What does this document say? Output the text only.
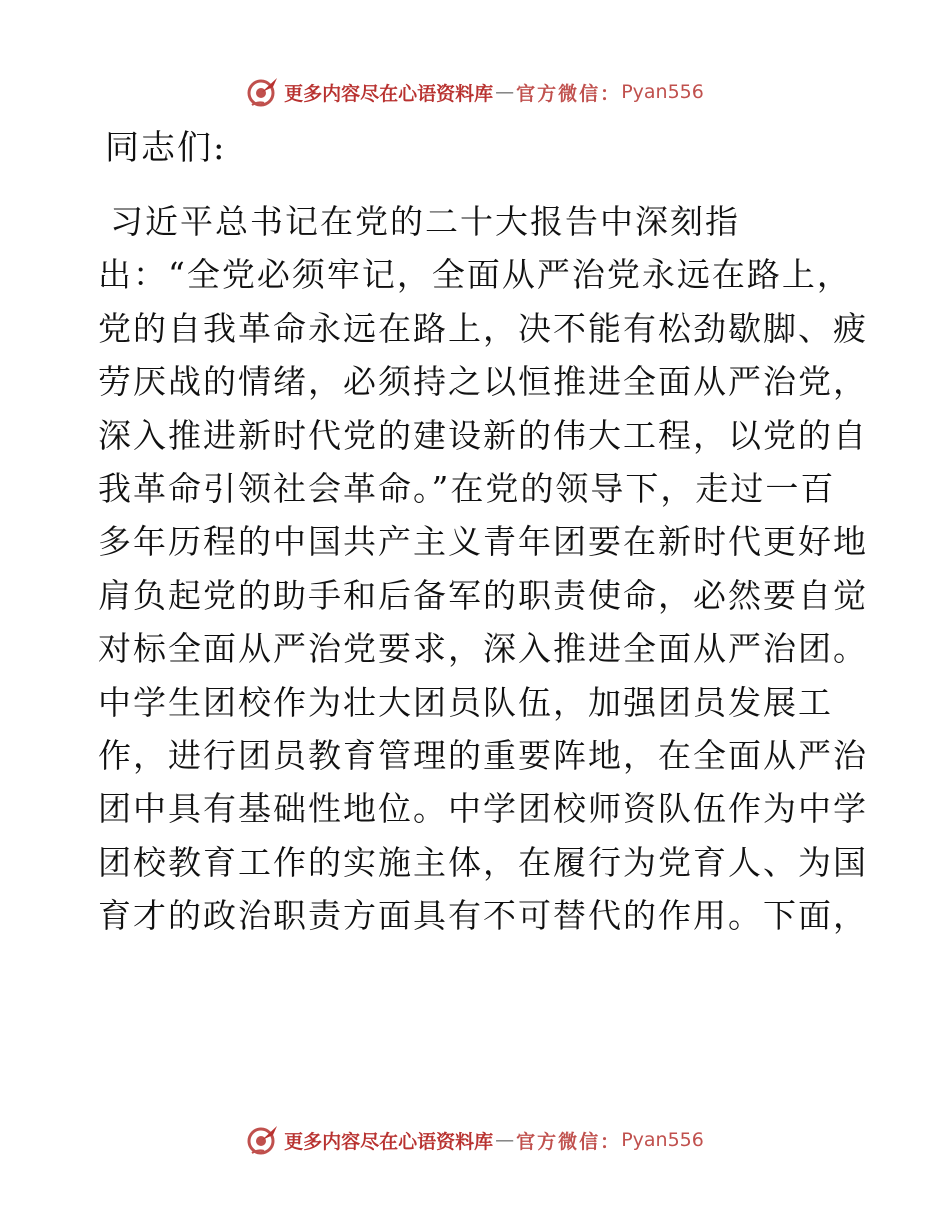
更多内容尽在心语资料库 — 官方微信： Pyan556
同志们:
习近平总书记在党的二十大报告中深刻指
出：“全党必须牢记，全面从严治党永远在路上，
党的自我革命永远在路上，决不能有松劲歇脚、疲
劳厌战的情绪，必须持之以恒推进全面从严治党，
深入推进新时代党的建设新的伟大工程，以党的自
我革命引领社会革命。”在党的领导下，走过一百
多年历程的中国共产主义青年团要在新时代更好地
肩负起党的助手和后备军的职责使命，必然要自觉
对标全面从严治党要求，深入推进全面从严治团。
中学生团校作为壮大团员队伍，加强团员发展工
作，进行团员教育管理的重要阵地，在全面从严治
团中具有基础性地位。中学团校师资队伍作为中学
团校教育工作的实施主体，在履行为党育人、为国
育才的政治职责方面具有不可替代的作用。下面，
更多内容尽在心语资料库 — 官方微信： Pyan556
